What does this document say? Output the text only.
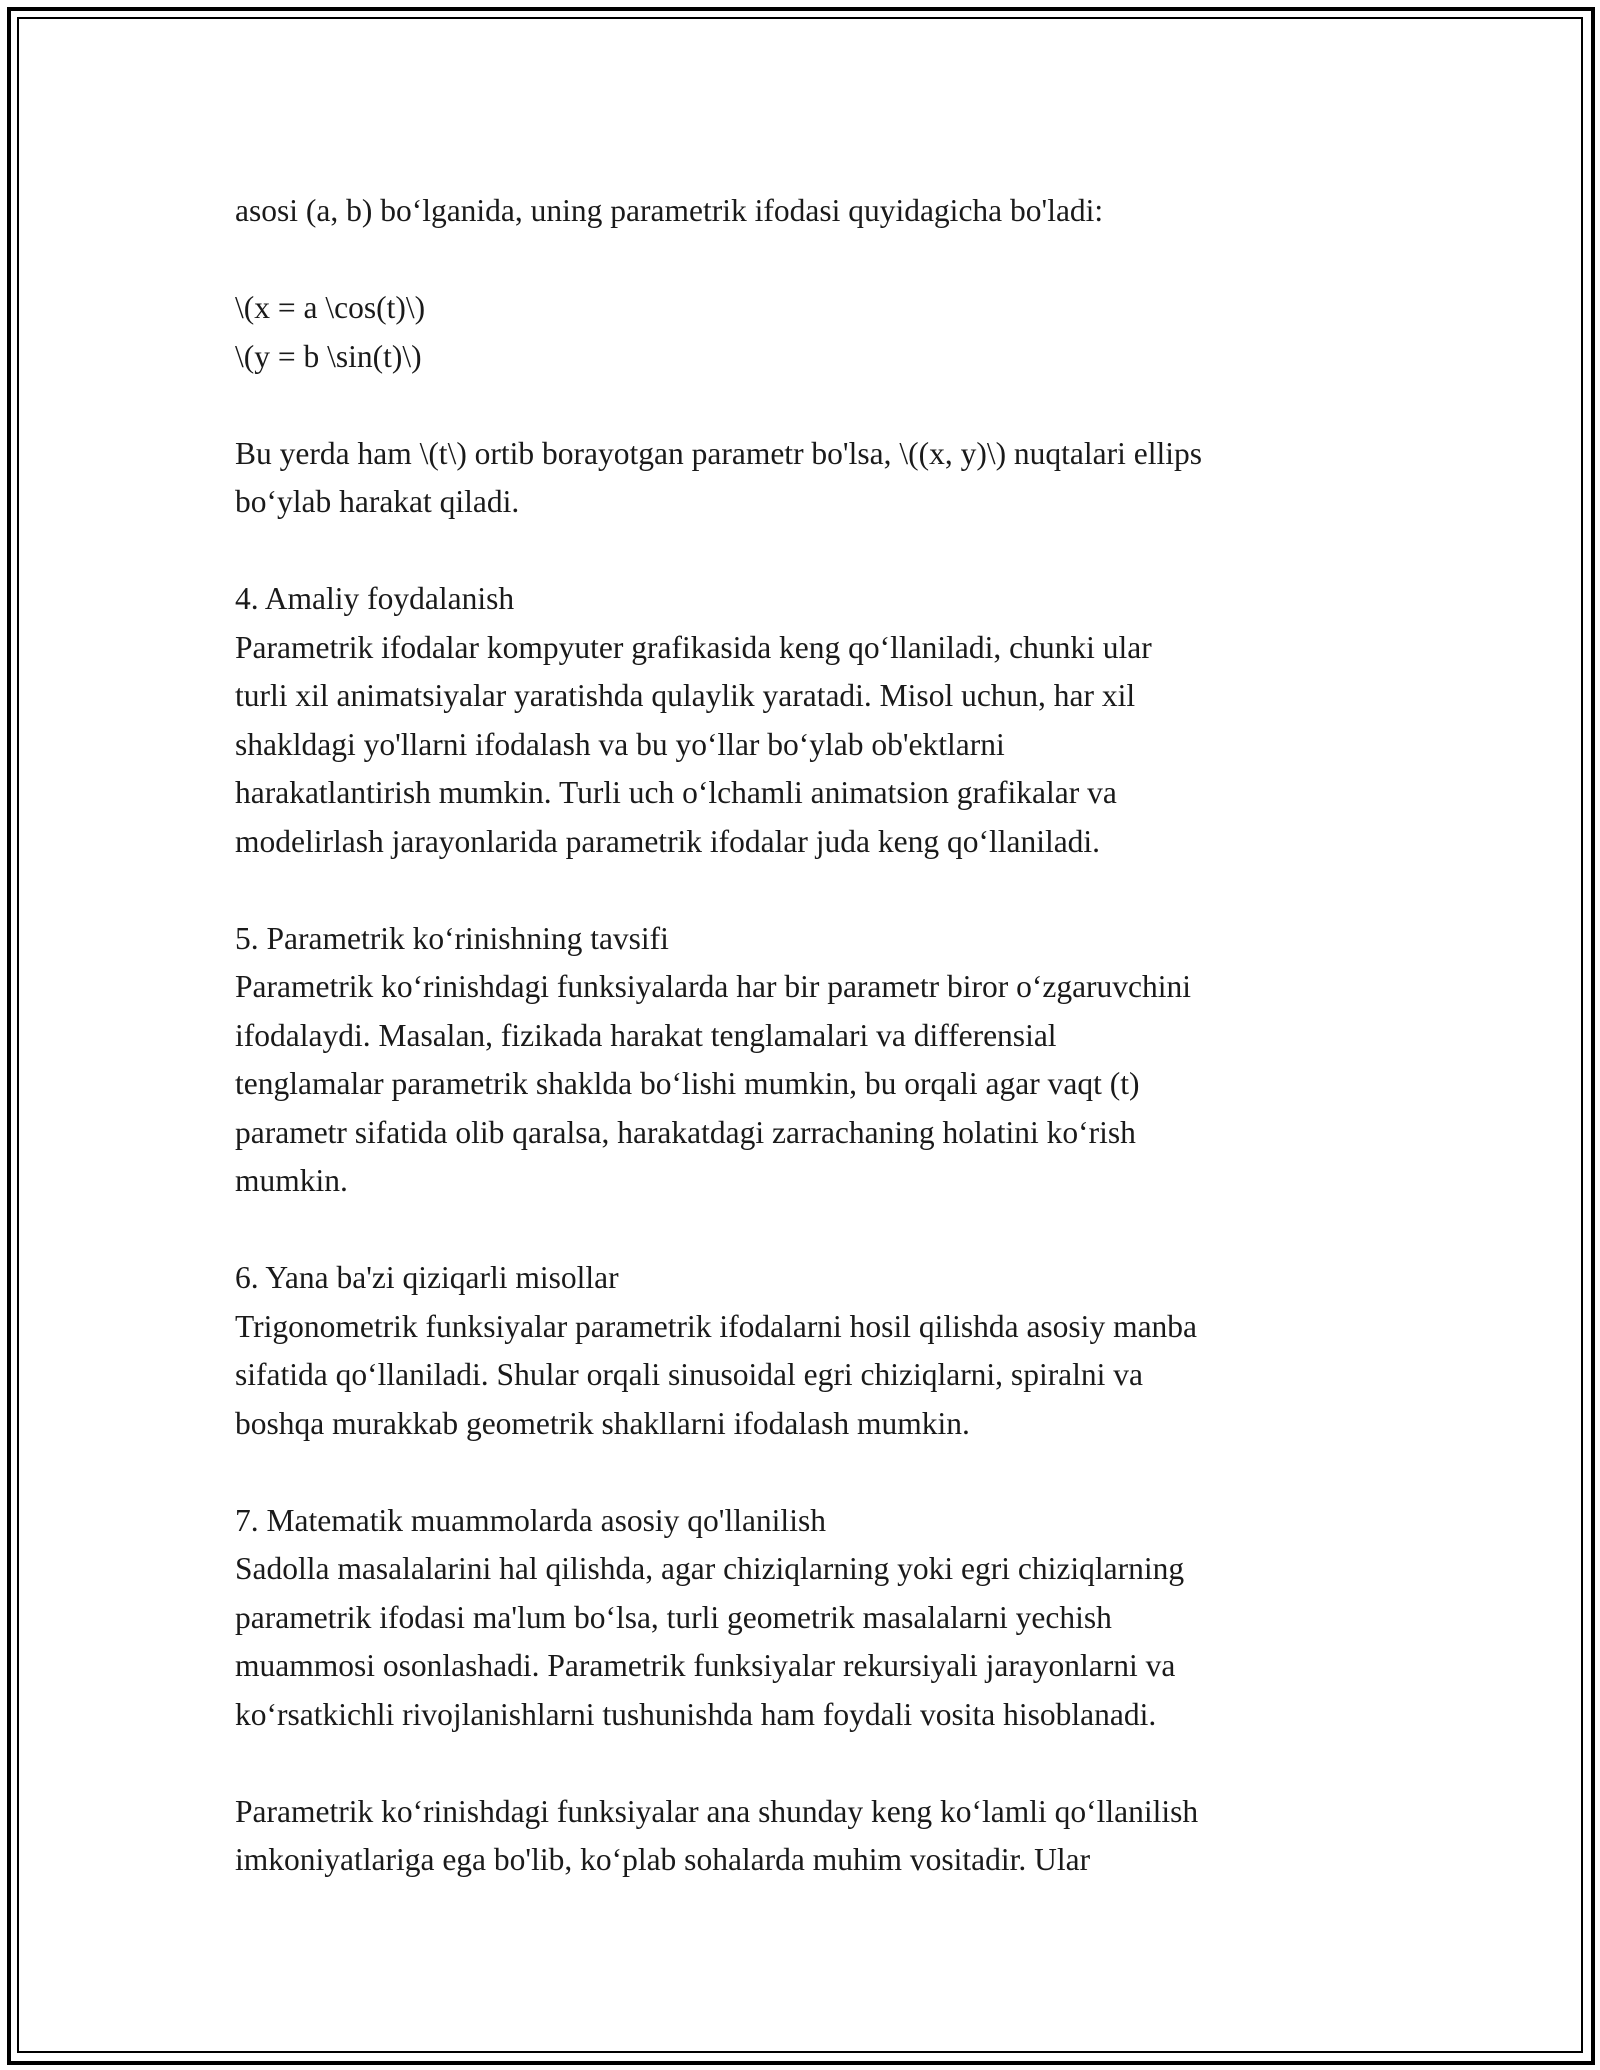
asosi (a, b) bo‘lganida, uning parametrik ifodasi quyidagicha bo'ladi:

\(x = a \cos(t)\)
\(y = b \sin(t)\)

Bu yerda ham \(t\) ortib borayotgan parametr bo'lsa, \((x, y)\) nuqtalari ellips
bo‘ylab harakat qiladi.

4. Amaliy foydalanish
Parametrik ifodalar kompyuter grafikasida keng qo‘llaniladi, chunki ular
turli xil animatsiyalar yaratishda qulaylik yaratadi. Misol uchun, har xil
shakldagi yo'llarni ifodalash va bu yo‘llar bo‘ylab ob'ektlarni
harakatlantirish mumkin. Turli uch o‘lchamli animatsion grafikalar va
modelirlash jarayonlarida parametrik ifodalar juda keng qo‘llaniladi.
5. Parametrik ko‘rinishning tavsifi
Parametrik ko‘rinishdagi funksiyalarda har bir parametr biror o‘zgaruvchini
ifodalaydi. Masalan, fizikada harakat tenglamalari va differensial
tenglamalar parametrik shaklda bo‘lishi mumkin, bu orqali agar vaqt (t)
parametr sifatida olib qaralsa, harakatdagi zarrachaning holatini ko‘rish
mumkin.
6. Yana ba'zi qiziqarli misollar
Trigonometrik funksiyalar parametrik ifodalarni hosil qilishda asosiy manba
sifatida qo‘llaniladi. Shular orqali sinusoidal egri chiziqlarni, spiralni va
boshqa murakkab geometrik shakllarni ifodalash mumkin.
7. Matematik muammolarda asosiy qo'llanilish
Sadolla masalalarini hal qilishda, agar chiziqlarning yoki egri chiziqlarning
parametrik ifodasi ma'lum bo‘lsa, turli geometrik masalalarni yechish
muammosi osonlashadi. Parametrik funksiyalar rekursiyali jarayonlarni va
ko‘rsatkichli rivojlanishlarni tushunishda ham foydali vosita hisoblanadi.

Parametrik ko‘rinishdagi funksiyalar ana shunday keng ko‘lamli qo‘llanilish
imkoniyatlariga ega bo'lib, ko‘plab sohalarda muhim vositadir. Ular
